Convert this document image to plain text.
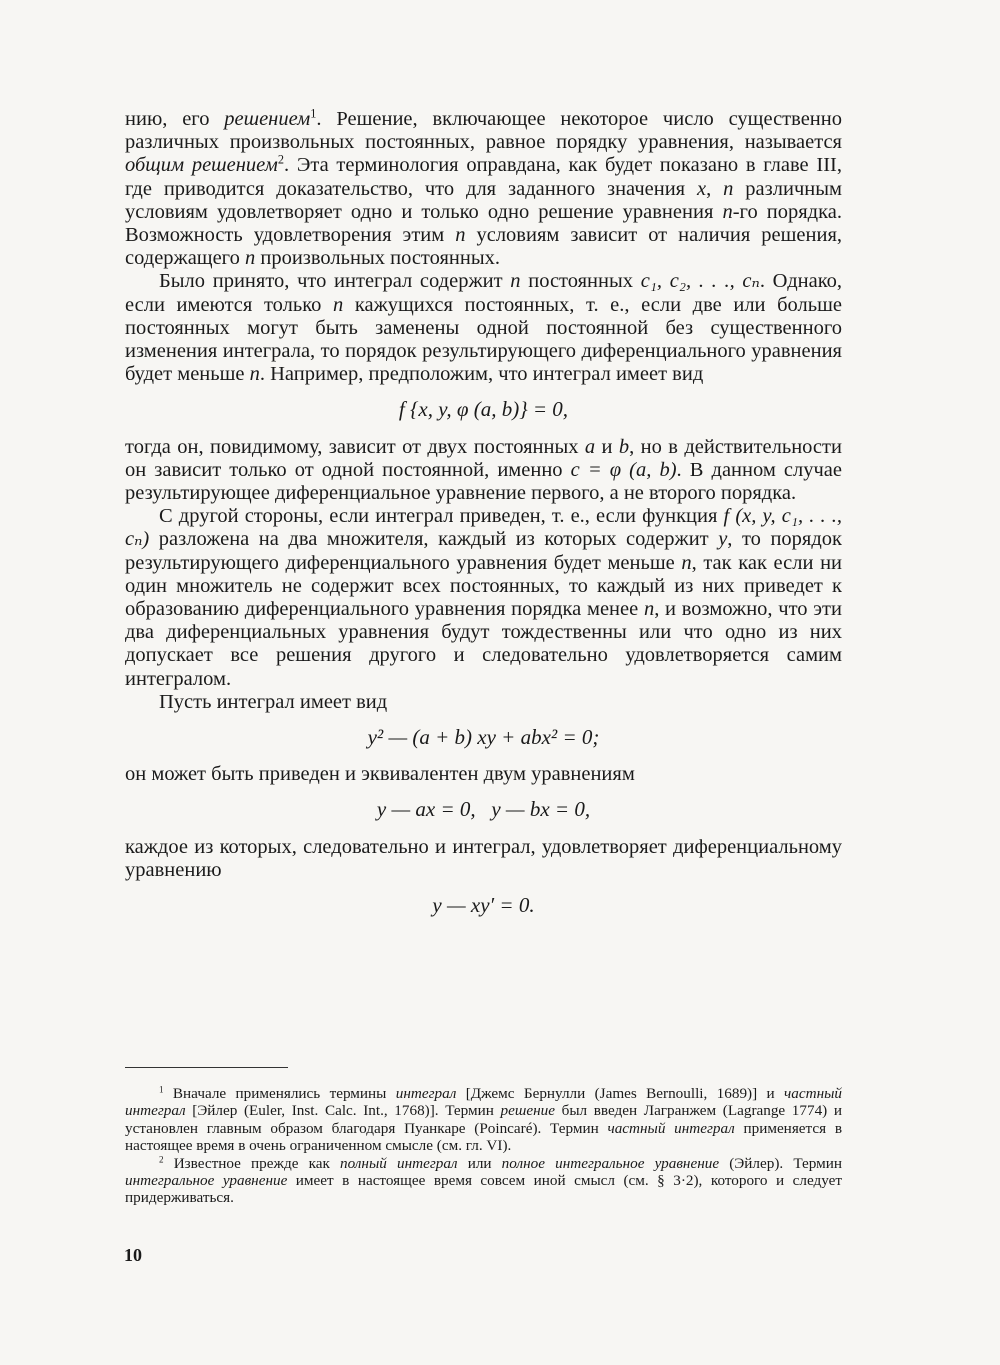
нию, его решением$^1$. Решение, включающее некоторое число существенно различных произвольных постоянных, равное порядку уравнения, называется общим решением$^2$. Эта терминология оправдана, как будет показано в главе III, где приводится доказательство, что для заданного значения x, n различным условиям удовлетворяет одно и только одно решение уравнения n-го порядка. Возможность удовлетворения этим n условиям зависит от наличия решения, содержащего n произвольных постоянных.

Было принято, что интеграл содержит n постоянных c₁, c₂, . . ., cₙ. Однако, если имеются только n кажущихся постоянных, т. е., если две или больше постоянных могут быть заменены одной постоянной без существенного изменения интеграла, то порядок результирующего диференциального уравнения будет меньше n. Например, предположим, что интеграл имеет вид

f {x, y, φ (a, b)} = 0,

тогда он, повидимому, зависит от двух постоянных a и b, но в действительности он зависит только от одной постоянной, именно c = φ (a, b). В данном случае результирующее диференциальное уравнение первого, а не второго порядка.

С другой стороны, если интеграл приведен, т. е., если функция f (x, y, c₁, . . ., cₙ) разложена на два множителя, каждый из которых содержит y, то порядок результирующего диференциального уравнения будет меньше n, так как если ни один множитель не содержит всех постоянных, то каждый из них приведет к образованию диференциального уравнения порядка менее n, и возможно, что эти два диференциальных уравнения будут тождественны или что одно из них допускает все решения другого и следовательно удовлетворяется самим интегралом.

Пусть интеграл имеет вид

y² — (a + b) xy + abx² = 0;

он может быть приведен и эквивалентен двум уравнениям

y — ax = 0,   y — bx = 0,

каждое из которых, следовательно и интеграл, удовлетворяет диференциальному уравнению

y — xy′ = 0.

$^1$ Вначале применялись термины интеграл [Джемс Бернулли (James Bernoulli, 1689)] и частный интеграл [Эйлер (Euler, Inst. Calc. Int., 1768)]. Термин решение был введен Лагранжем (Lagrange 1774) и установлен главным образом благодаря Пуанкаре (Poincaré). Термин частный интеграл применяется в настоящее время в очень ограниченном смысле (см. гл. VI).

$^2$ Известное прежде как полный интеграл или полное интегральное уравнение (Эйлер). Термин интегральное уравнение имеет в настоящее время совсем иной смысл (см. § 3·2), которого и следует придерживаться.

10
